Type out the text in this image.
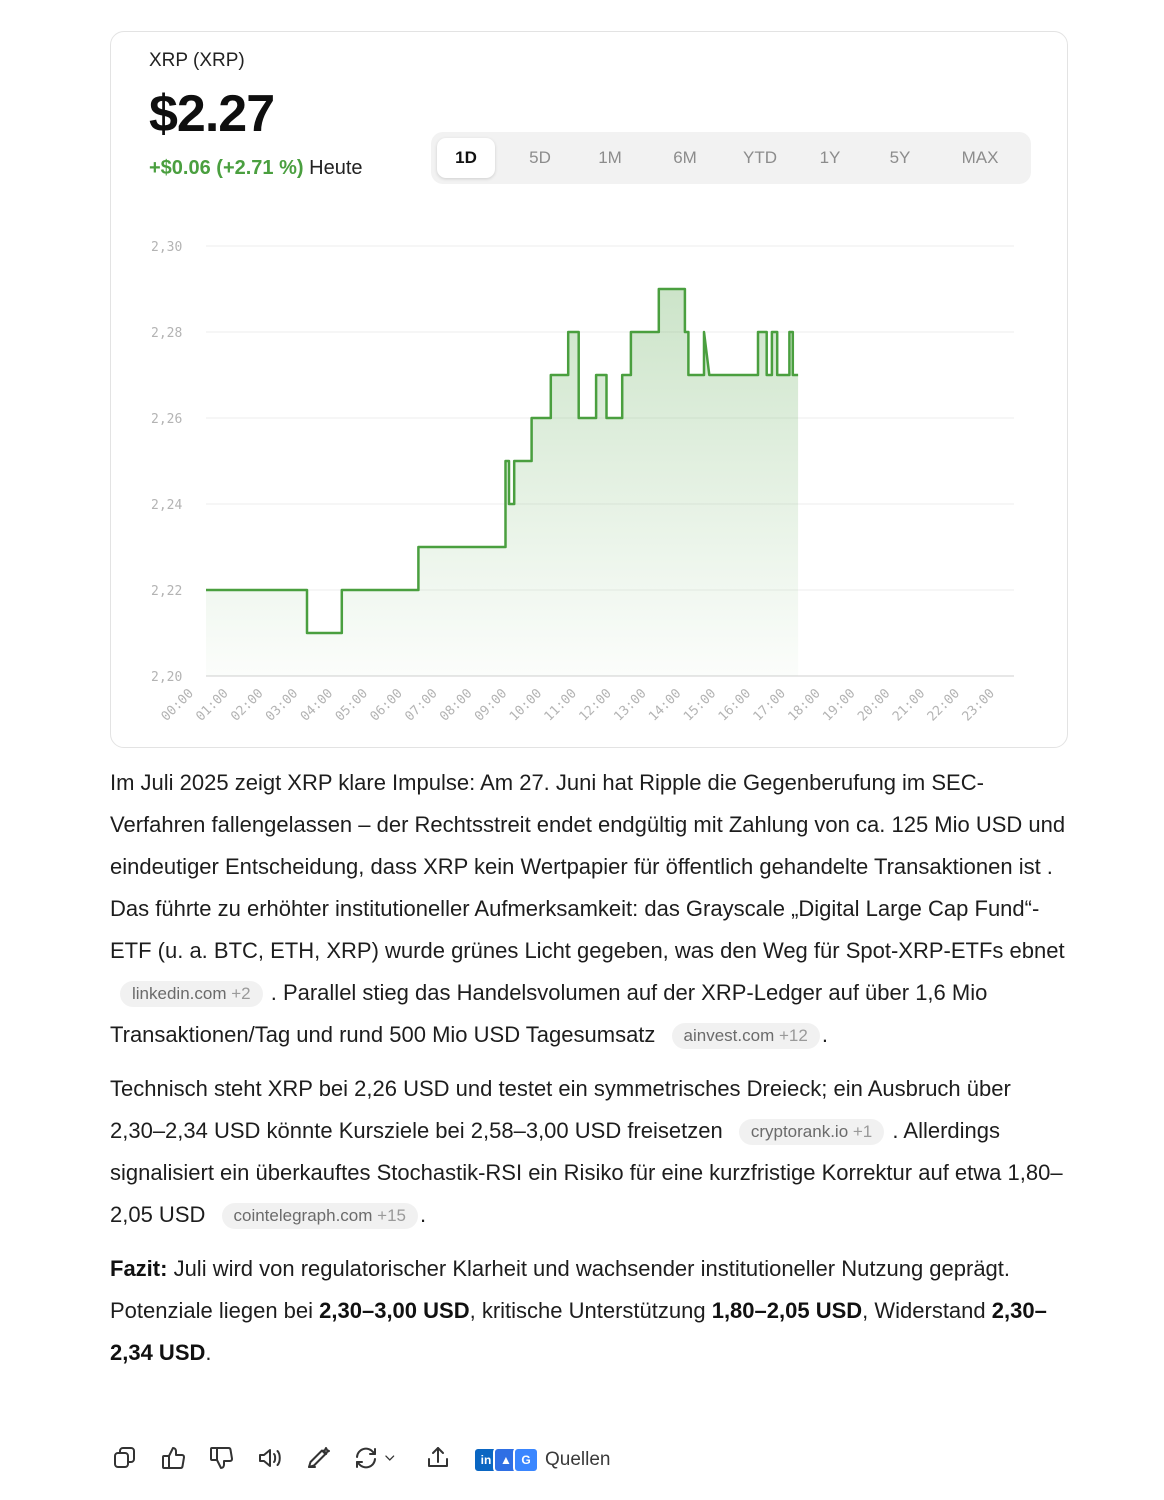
XRP (XRP)
$2.27
+$0.06 (+2.71 %) Heute	1D	5D	1M	6M	YTD	1Y	5Y	MAX
2,30
2,28
2,26
2,24
2,22
2,20
00:00
01:00
02:00
03:00
04:00
05:00
06:00
07:00
08:00
09:00
10:00
11:00
12:00
13:00
14:00
15:00
16:00
17:00
18:00
19:00
20:00
21:00
22:00
23:00

Im Juli 2025 zeigt XRP klare Impulse: Am 27. Juni hat Ripple die Gegenberufung im SEC-Verfahren fallengelassen – der Rechtsstreit endet endgültig mit Zahlung von ca. 125 Mio USD und eindeutiger Entscheidung, dass XRP kein Wertpapier für öffentlich gehandelte Transaktionen ist . Das führte zu erhöhter institutioneller Aufmerksamkeit: das Grayscale „Digital Large Cap Fund“-ETF (u. a. BTC, ETH, XRP) wurde grünes Licht gegeben, was den Weg für Spot-XRP-ETFs ebnet linkedin.com +2 . Parallel stieg das Handelsvolumen auf der XRP-Ledger auf über 1,6 Mio Transaktionen/Tag und rund 500 Mio USD Tagesumsatz ainvest.com +12 .

Technisch steht XRP bei 2,26 USD und testet ein symmetrisches Dreieck; ein Ausbruch über 2,30–2,34 USD könnte Kursziele bei 2,58–3,00 USD freisetzen cryptorank.io +1 . Allerdings signalisiert ein überkauftes Stochastik-RSI ein Risiko für eine kurzfristige Korrektur auf etwa 1,80–2,05 USD cointelegraph.com +15 .

Fazit: Juli wird von regulatorischer Klarheit und wachsender institutioneller Nutzung geprägt. Potenziale liegen bei 2,30–3,00 USD, kritische Unterstützung 1,80–2,05 USD, Widerstand 2,30–2,34 USD.

in ▲ G Quellen
